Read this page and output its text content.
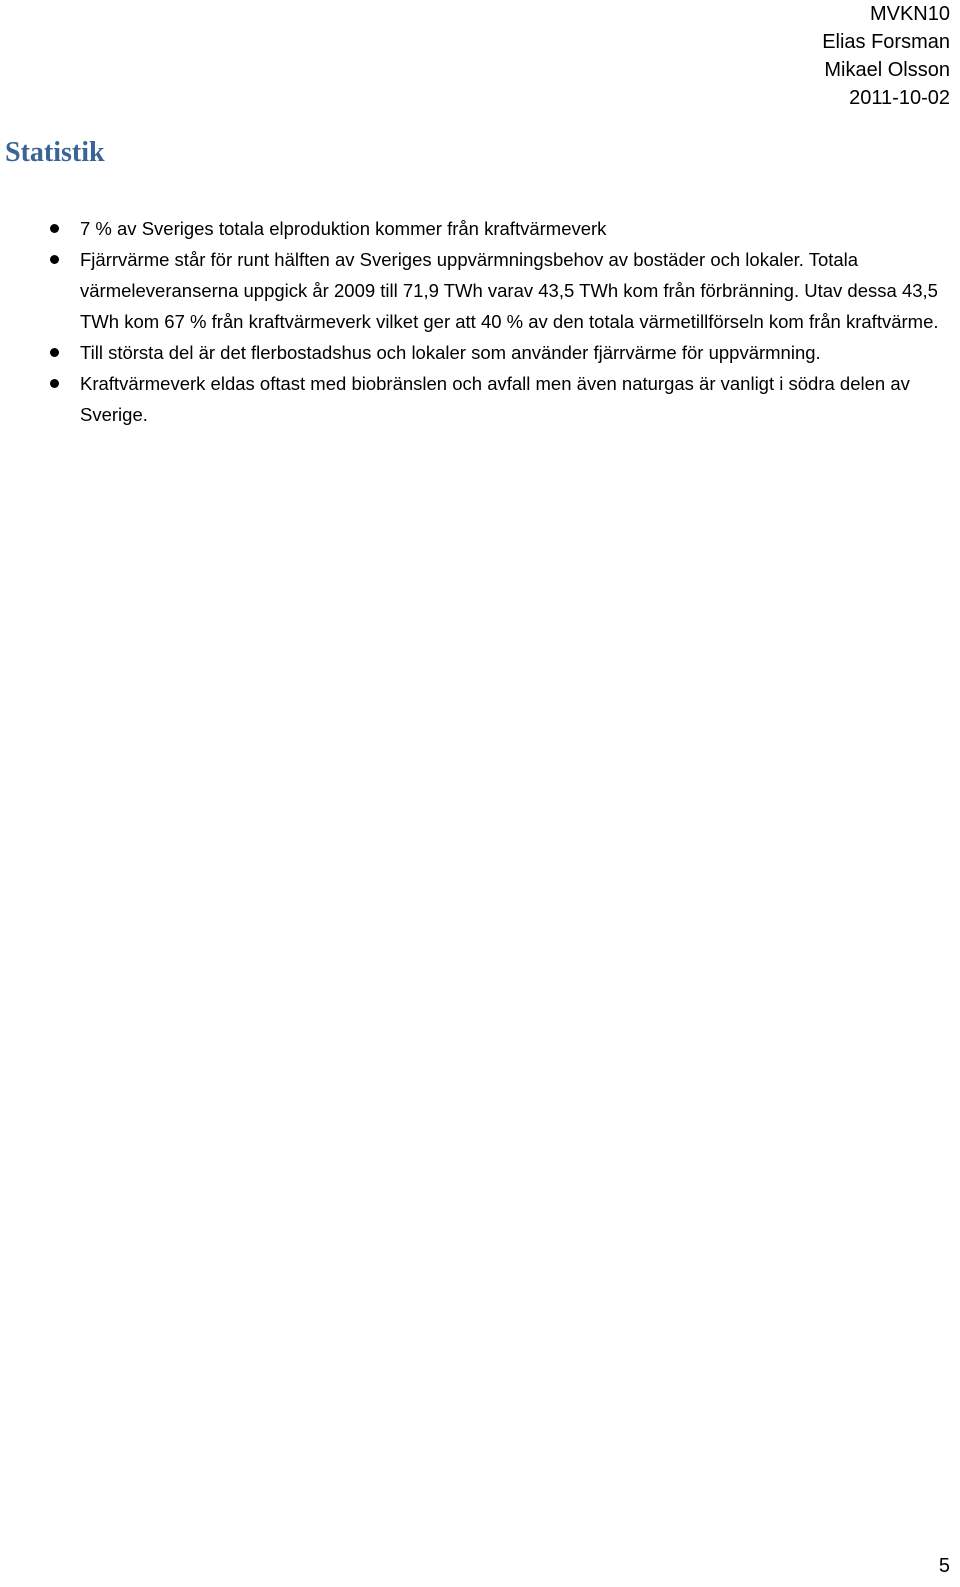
MVKN10
Elias Forsman
Mikael Olsson
2011-10-02
Statistik
7 % av Sveriges totala elproduktion kommer från kraftvärmeverk
Fjärrvärme står för runt hälften av Sveriges uppvärmningsbehov av bostäder och lokaler. Totala värmeleveranserna uppgick år 2009 till 71,9 TWh varav 43,5 TWh kom från förbränning. Utav dessa 43,5 TWh kom 67 % från kraftvärmeverk vilket ger att 40 % av den totala värmetillförseln kom från kraftvärme.
Till största del är det flerbostadshus och lokaler som använder fjärrvärme för uppvärmning.
Kraftvärmeverk eldas oftast med biobränslen och avfall men även naturgas är vanligt i södra delen av Sverige.
5
